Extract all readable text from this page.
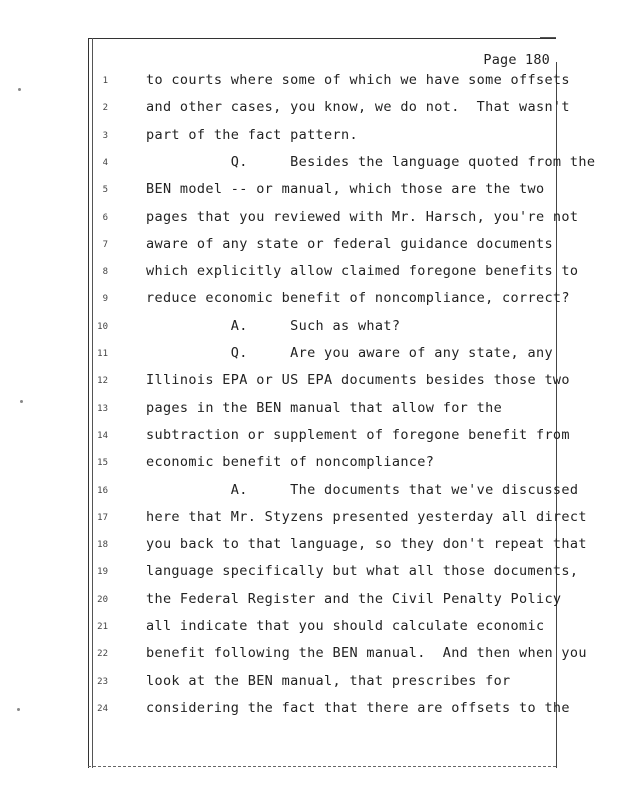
Page 180
1	to courts where some of which we have some offsets
2	and other cases, you know, we do not.  That wasn't
3	part of the fact pattern.
4	Q.     Besides the language quoted from the
5	BEN model -- or manual, which those are the two
6	pages that you reviewed with Mr. Harsch, you're not
7	aware of any state or federal guidance documents
8	which explicitly allow claimed foregone benefits to
9	reduce economic benefit of noncompliance, correct?
10	A.     Such as what?
11	Q.     Are you aware of any state, any
12	Illinois EPA or US EPA documents besides those two
13	pages in the BEN manual that allow for the
14	subtraction or supplement of foregone benefit from
15	economic benefit of noncompliance?
16	A.     The documents that we've discussed
17	here that Mr. Styzens presented yesterday all direct
18	you back to that language, so they don't repeat that
19	language specifically but what all those documents,
20	the Federal Register and the Civil Penalty Policy
21	all indicate that you should calculate economic
22	benefit following the BEN manual.  And then when you
23	look at the BEN manual, that prescribes for
24	considering the fact that there are offsets to the
